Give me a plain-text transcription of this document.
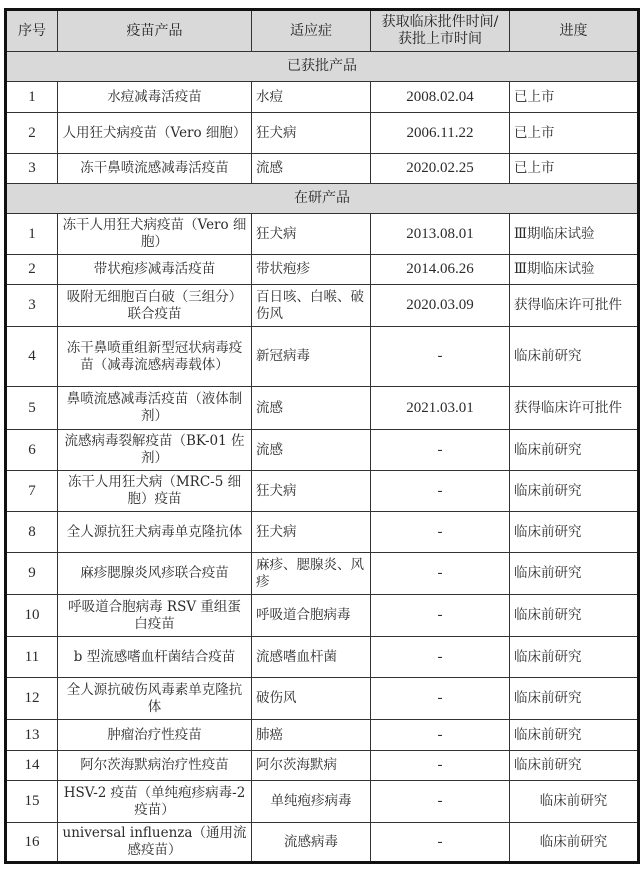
序号	疫苗产品	适应症	获取临床批件时间/获批上市时间	进度
已获批产品				
1	水痘减毒活疫苗	水痘	2008.02.04	已上市
2	人用狂犬病疫苗（Vero 细胞）	狂犬病	2006.11.22	已上市
3	冻干鼻喷流感减毒活疫苗	流感	2020.02.25	已上市
在研产品				
1	冻干人用狂犬病疫苗（Vero 细胞）	狂犬病	2013.08.01	Ⅲ期临床试验
2	带状疱疹减毒活疫苗	带状疱疹	2014.06.26	Ⅲ期临床试验
3	吸附无细胞百白破（三组分）联合疫苗	百日咳、白喉、破伤风	2020.03.09	获得临床许可批件
4	冻干鼻喷重组新型冠状病毒疫苗（减毒流感病毒载体）	新冠病毒	-	临床前研究
5	鼻喷流感减毒活疫苗（液体制剂）	流感	2021.03.01	获得临床许可批件
6	流感病毒裂解疫苗（BK-01 佐剂）	流感	-	临床前研究
7	冻干人用狂犬病（MRC-5 细胞）疫苗	狂犬病	-	临床前研究
8	全人源抗狂犬病毒单克隆抗体	狂犬病	-	临床前研究
9	麻疹腮腺炎风疹联合疫苗	麻疹、腮腺炎、风疹	-	临床前研究
10	呼吸道合胞病毒 RSV 重组蛋白疫苗	呼吸道合胞病毒	-	临床前研究
11	b 型流感嗜血杆菌结合疫苗	流感嗜血杆菌	-	临床前研究
12	全人源抗破伤风毒素单克隆抗体	破伤风	-	临床前研究
13	肿瘤治疗性疫苗	肺癌	-	临床前研究
14	阿尔茨海默病治疗性疫苗	阿尔茨海默病	-	临床前研究
15	HSV-2 疫苗（单纯疱疹病毒-2 疫苗）	单纯疱疹病毒	-	临床前研究
16	universal influenza（通用流感疫苗）	流感病毒	-	临床前研究
